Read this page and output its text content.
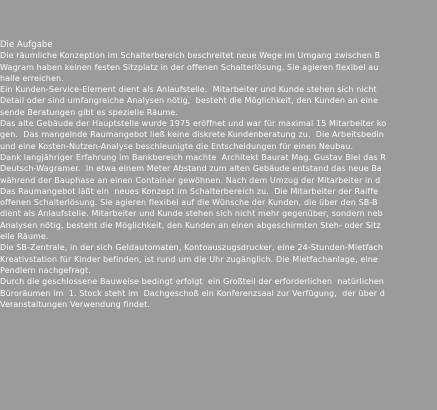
Die Aufgabe
Die räumliche Konzeption im Schalterbereich beschreitet neue Wege im Umgang zwischen B
Wagram haben keinen festen Sitzplatz in der offenen Schalterlösung. Sie agieren flexibel au
halle erreichen.
Ein Kunden-Service-Element dient als Anlaufstelle.  Mitarbeiter und Kunde stehen sich nicht
Detail oder sind umfangreiche Analysen nötig,  besteht die Möglichkeit, den Kunden an eine
sende Beratungen gibt es spezielle Räume.
Das alte Gebäude der Hauptstelle wurde 1975 eröffnet und war für maximal 15 Mitarbeiter ko
gen.  Das mangelnde Raumangebot ließ keine diskrete Kundenberatung zu.  Die Arbeitsbedin
und eine Kosten-Nutzen-Analyse beschleunigte die Entscheidungen für einen Neubau.
Dank langjähriger Erfahrung im Bankbereich machte  Architekt Baurat Mag. Gustav Blei das R
Deutsch-Wagramer.  In etwa einem Meter Abstand zum alten Gebäude entstand das neue Ba
während der Bauphase an einen Container gewöhnen. Nach dem Umzug der Mitarbeiter in d
Das Raumangebot läßt ein  neues Konzept im Schalterbereich zu.  Die Mitarbeiter der Raiffe
offenen Schalterlösung. Sie agieren flexibel auf die Wünsche der Kunden, die über den SB-B
dient als Anlaufstelle. Mitarbeiter und Kunde stehen sich nicht mehr gegenüber, sondern neb
Analysen nötig, besteht die Möglichkeit, den Kunden an einen abgeschirmten Steh- oder Sitz
elle Räume.
Die SB-Zentrale, in der sich Geldautomaten, Kontoauszugsdrucker, eine 24-Stunden-Mietfach
Kreativstation für Kinder befinden, ist rund um die Uhr zugänglich. Die Mietfachanlage, eine
Pendlern nachgefragt.
Durch die geschlossene Bauweise bedingt erfolgt  ein Großteil der erforderlichen  natürlichen
Büroräumen im  1. Stock steht im  Dachgeschoß ein Konferenzsaal zur Verfügung,  der über d
Veranstaltungen Verwendung findet.
